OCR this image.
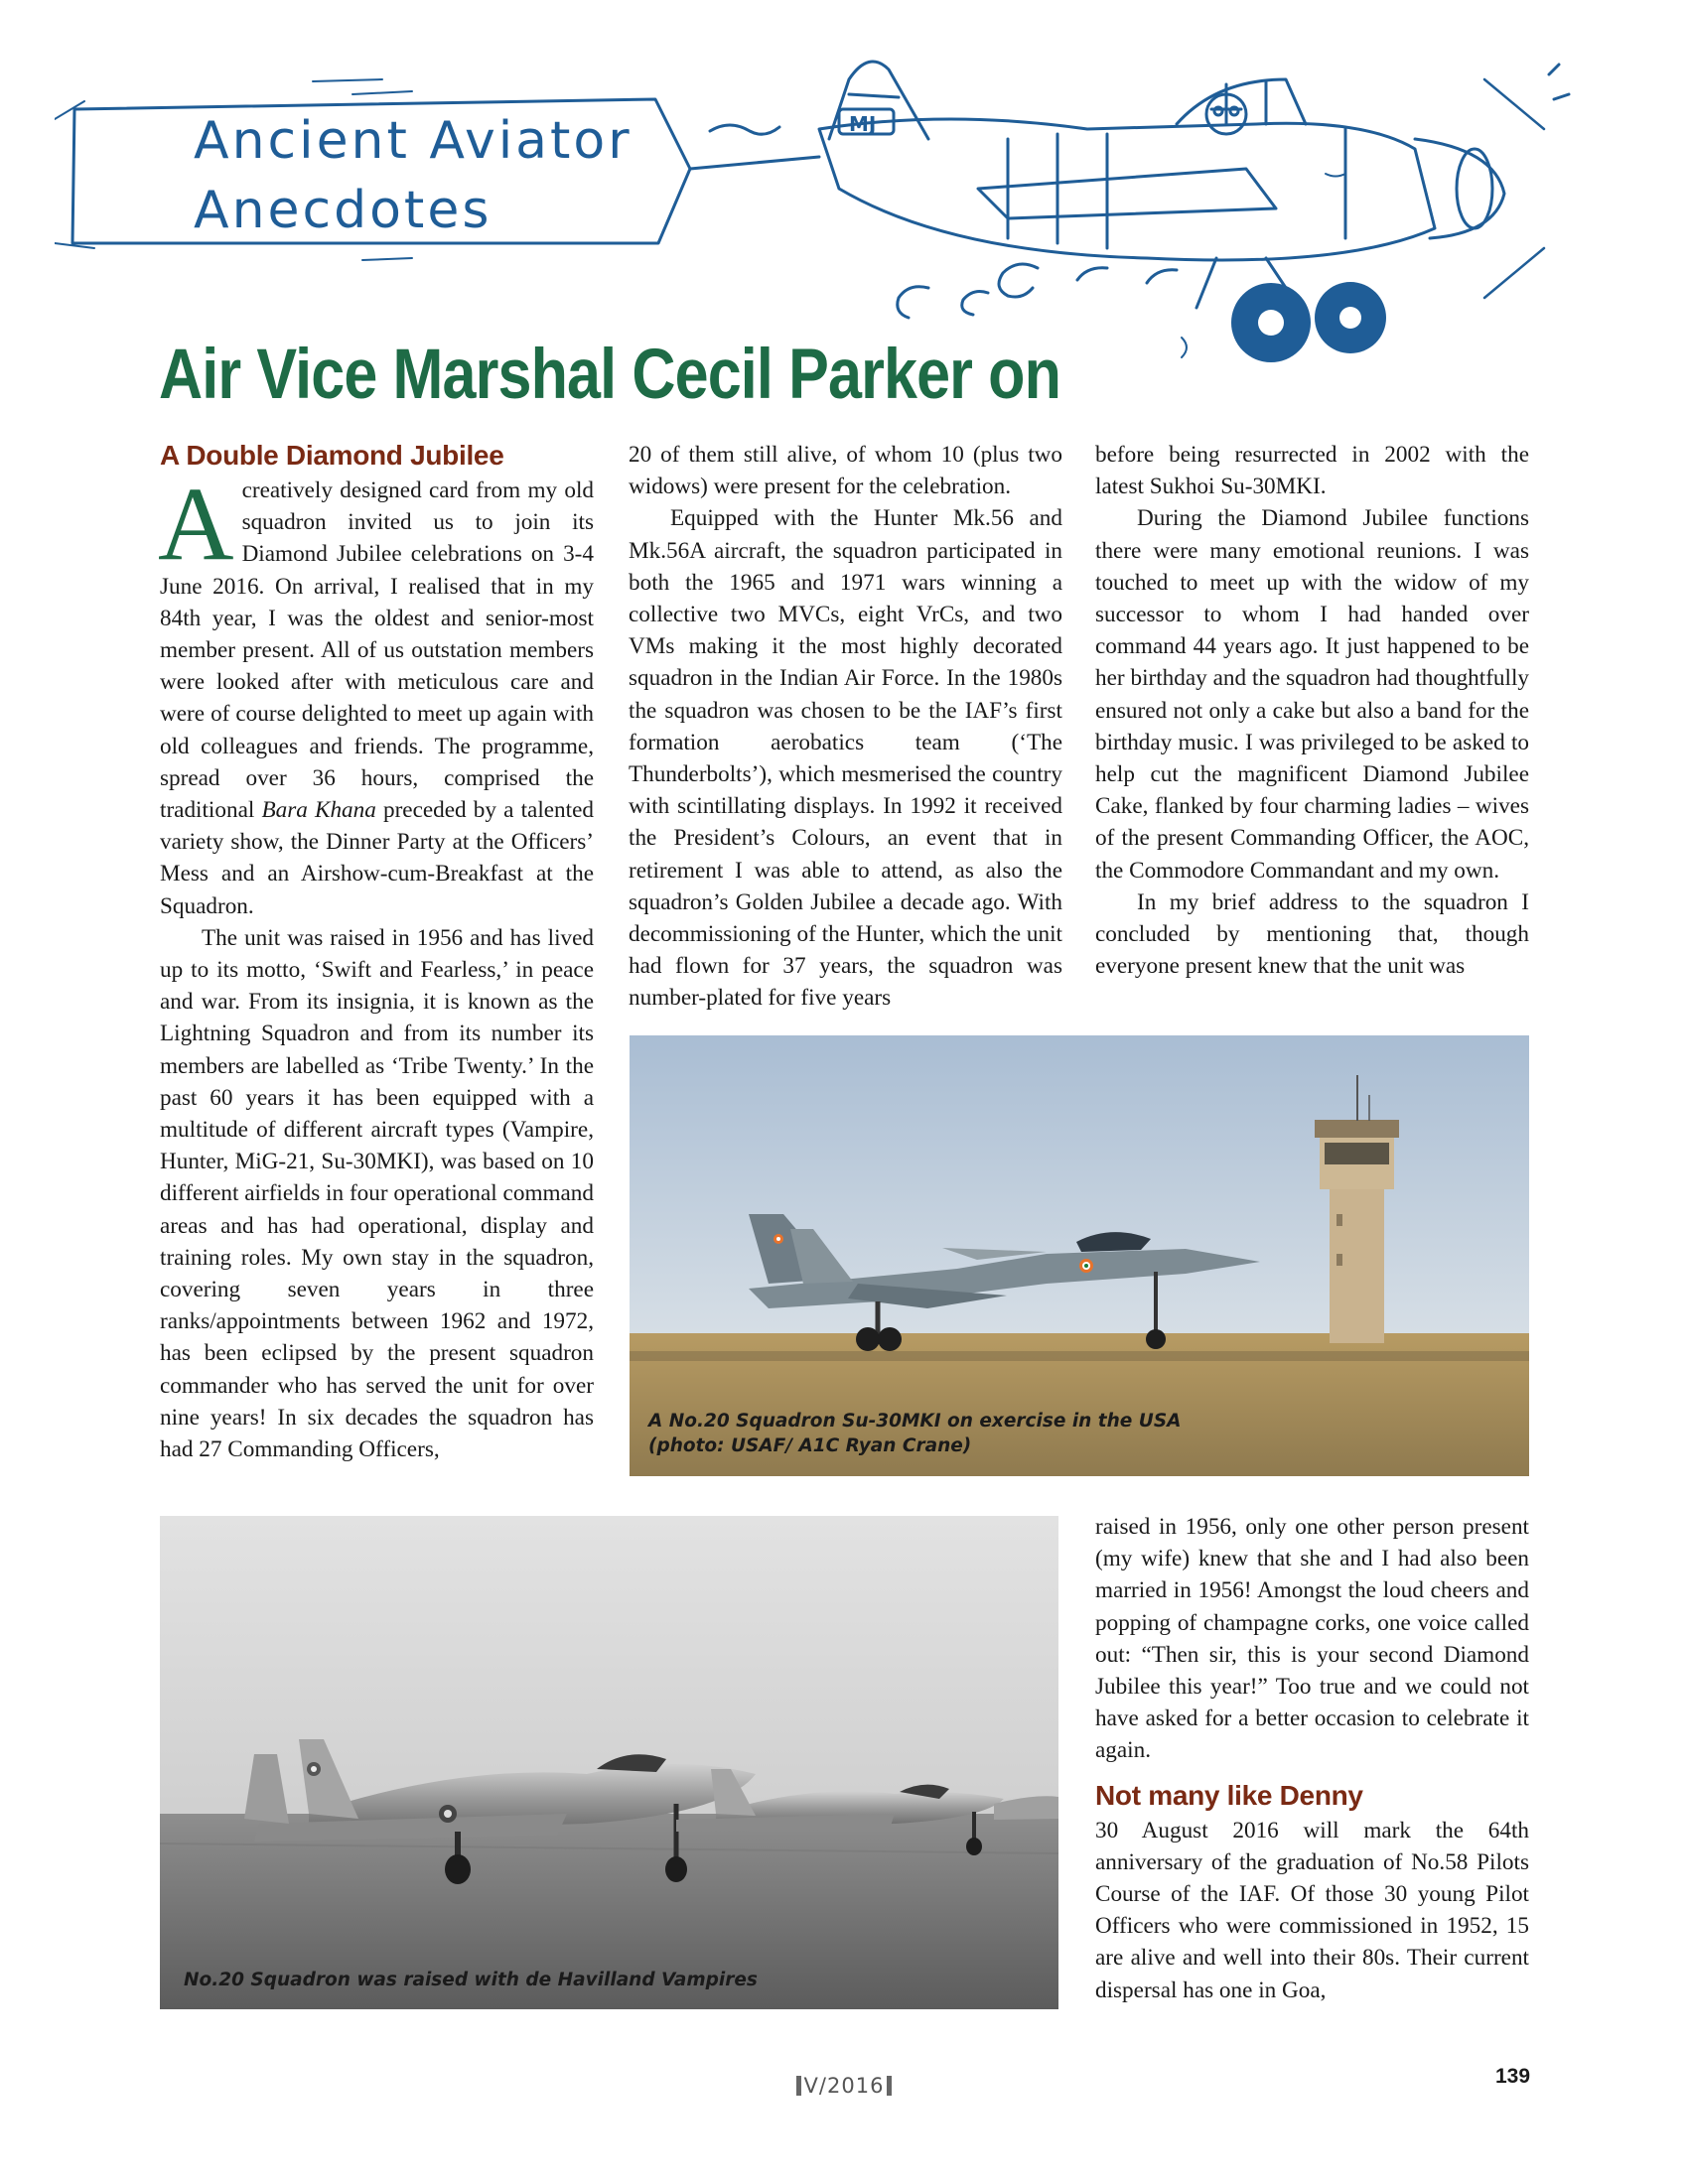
MJ
Ancient Aviator
Anecdotes
Air Vice Marshal Cecil Parker on
A Double Diamond Jubilee

A creatively designed card from my old squadron invited us to join its Diamond Jubilee celebrations on 3-4 June 2016. On arrival, I realised that in my 84th year, I was the oldest and senior-most member present. All of us outstation members were looked after with meticulous care and were of course delighted to meet up again with old colleagues and friends. The programme, spread over 36 hours, comprised the traditional Bara Khana preceded by a talented variety show, the Dinner Party at the Officers’ Mess and an Airshow-cum-Breakfast at the Squadron.

The unit was raised in 1956 and has lived up to its motto, ‘Swift and Fearless,’ in peace and war. From its insignia, it is known as the Lightning Squadron and from its number its members are labelled as ‘Tribe Twenty.’ In the past 60 years it has been equipped with a multitude of different aircraft types (Vampire, Hunter, MiG-21, Su-30MKI), was based on 10 different airfields in four operational command areas and has had operational, display and training roles. My own stay in the squadron, covering seven years in three ranks/appointments between 1962 and 1972, has been eclipsed by the present squadron commander who has served the unit for over nine years! In six decades the squadron has had 27 Commanding Officers,

20 of them still alive, of whom 10 (plus two widows) were present for the celebration.

Equipped with the Hunter Mk.56 and Mk.56A aircraft, the squadron participated in both the 1965 and 1971 wars winning a collective two MVCs, eight VrCs, and two VMs making it the most highly decorated squadron in the Indian Air Force. In the 1980s the squadron was chosen to be the IAF’s first formation aerobatics team (‘The Thunderbolts’), which mesmerised the country with scintillating displays. In 1992 it received the President’s Colours, an event that in retirement I was able to attend, as also the squadron’s Golden Jubilee a decade ago. With decommissioning of the Hunter, which the unit had flown for 37 years, the squadron was number-plated for five years

before being resurrected in 2002 with the latest Sukhoi Su-30MKI.

During the Diamond Jubilee functions there were many emotional reunions. I was touched to meet up with the widow of my successor to whom I had handed over command 44 years ago. It just happened to be her birthday and the squadron had thoughtfully ensured not only a cake but also a band for the birthday music. I was privileged to be asked to help cut the magnificent Diamond Jubilee Cake, flanked by four charming ladies – wives of the present Commanding Officer, the AOC, the Commodore Commandant and my own.

In my brief address to the squadron I concluded by mentioning that, though everyone present knew that the unit was

A No.20 Squadron Su-30MKI on exercise in the USA
(photo: USAF/ A1C Ryan Crane)
No.20 Squadron was raised with de Havilland Vampires

raised in 1956, only one other person present (my wife) knew that she and I had also been married in 1956! Amongst the loud cheers and popping of champagne corks, one voice called out: “Then sir, this is your second Diamond Jubilee this year!” Too true and we could not have asked for a better occasion to celebrate it again.

Not many like Denny

30 August 2016 will mark the 64th anniversary of the graduation of No.58 Pilots Course of the IAF. Of those 30 young Pilot Officers who were commissioned in 1952, 15 are alive and well into their 80s. Their current dispersal has one in Goa,

V/2016	139
